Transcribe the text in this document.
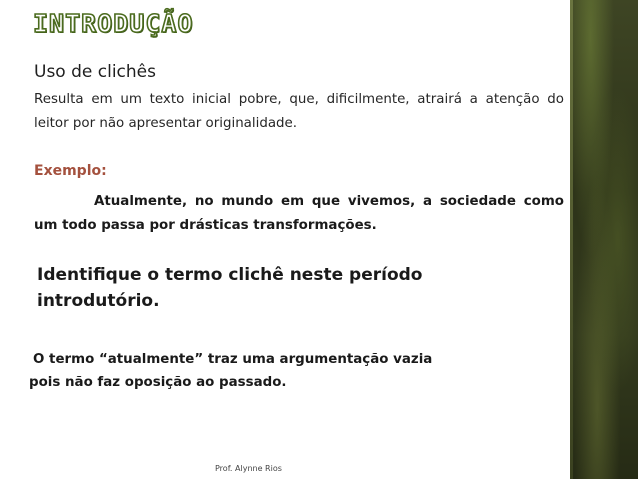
INTRODUÇÃO

Uso de clichês

Resulta em um texto inicial pobre, que, dificilmente, atrairá a atenção do leitor por não apresentar originalidade.

Exemplo:

Atualmente, no mundo em que vivemos, a sociedade como um todo passa por drásticas transformações.

Identifique o termo clichê neste período introdutório.

O termo “atualmente” traz uma argumentação vazia
pois não faz oposição ao passado.

Prof. Alynne Rios
